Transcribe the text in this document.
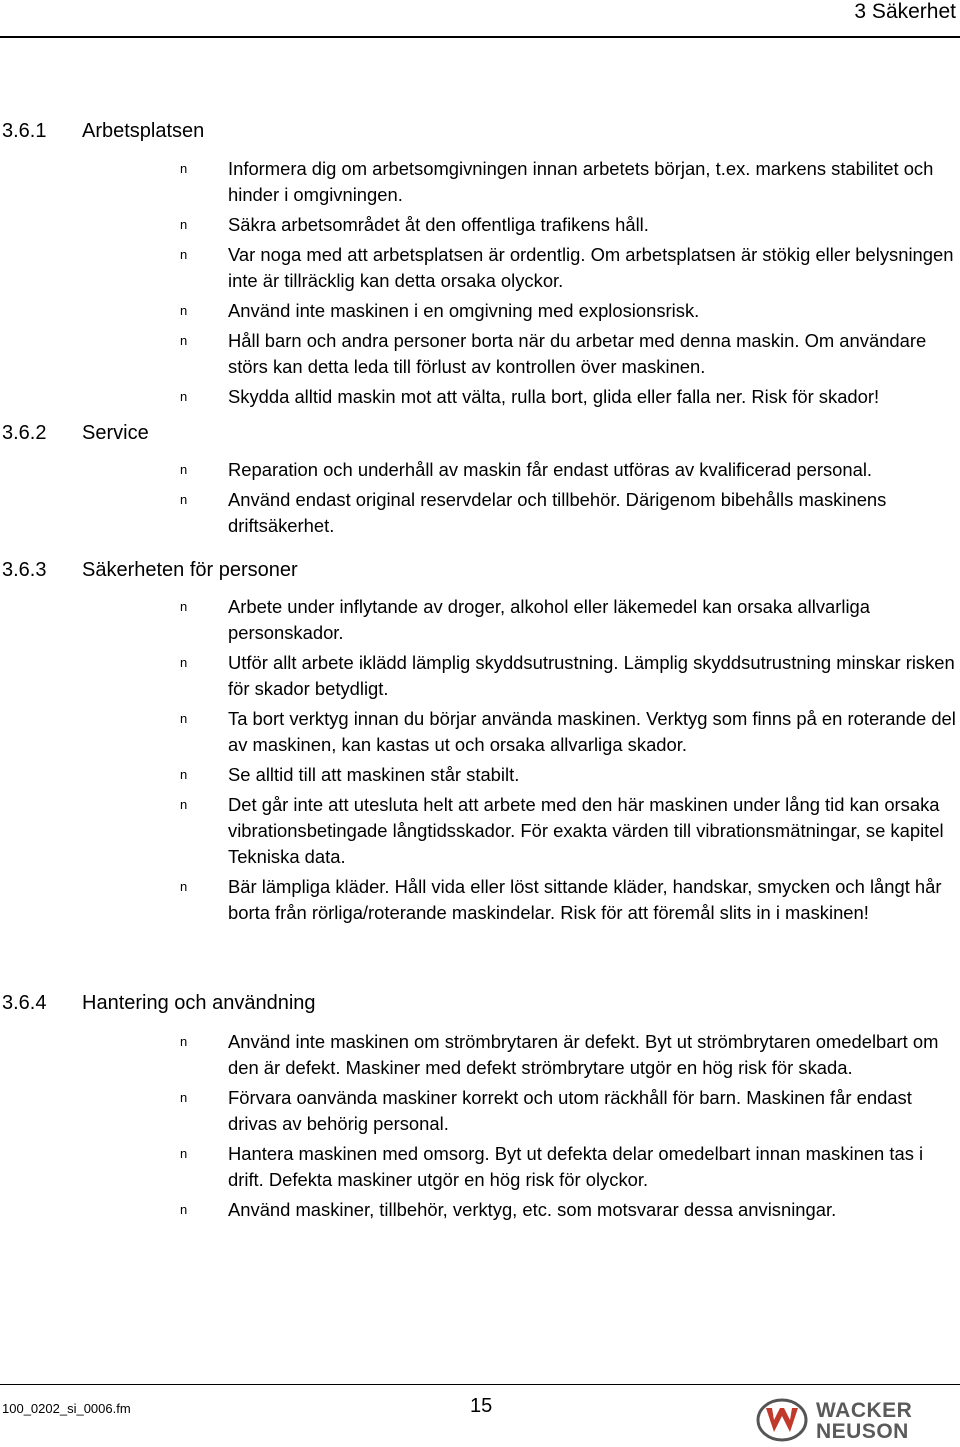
3 Säkerhet
3.6.1 Arbetsplatsen
n	Informera dig om arbetsomgivningen innan arbetets början, t.ex. markens stabilitet och hinder i omgivningen.
n	Säkra arbetsområdet åt den offentliga trafikens håll.
n	Var noga med att arbetsplatsen är ordentlig. Om arbetsplatsen är stökig eller belysningen inte är tillräcklig kan detta orsaka olyckor.
n	Använd inte maskinen i en omgivning med explosionsrisk.
n	Håll barn och andra personer borta när du arbetar med denna maskin. Om användare störs kan detta leda till förlust av kontrollen över maskinen.
n	Skydda alltid maskin mot att välta, rulla bort, glida eller falla ner. Risk för skador!
3.6.2 Service
n	Reparation och underhåll av maskin får endast utföras av kvalificerad personal.
n	Använd endast original reservdelar och tillbehör. Därigenom bibehålls maskinens driftsäkerhet.
3.6.3 Säkerheten för personer
n	Arbete under inflytande av droger, alkohol eller läkemedel kan orsaka allvarliga personskador.
n	Utför allt arbete iklädd lämplig skyddsutrustning. Lämplig skyddsutrustning minskar risken för skador betydligt.
n	Ta bort verktyg innan du börjar använda maskinen. Verktyg som finns på en roterande del av maskinen, kan kastas ut och orsaka allvarliga skador.
n	Se alltid till att maskinen står stabilt.
n	Det går inte att utesluta helt att arbete med den här maskinen under lång tid kan orsaka vibrationsbetingade långtidsskador. För exakta värden till vibrationsmätningar, se kapitel Tekniska data.
n	Bär lämpliga kläder. Håll vida eller löst sittande kläder, handskar, smycken och långt hår borta från rörliga/roterande maskindelar. Risk för att föremål slits in i maskinen!
3.6.4 Hantering och användning
n	Använd inte maskinen om strömbrytaren är defekt. Byt ut strömbrytaren omedelbart om den är defekt. Maskiner med defekt strömbrytare utgör en hög risk för skada.
n	Förvara oanvända maskiner korrekt och utom räckhåll för barn. Maskinen får endast drivas av behörig personal.
n	Hantera maskinen med omsorg. Byt ut defekta delar omedelbart innan maskinen tas i drift. Defekta maskiner utgör en hög risk för olyckor.
n	Använd maskiner, tillbehör, verktyg, etc. som motsvarar dessa anvisningar.
100_0202_si_0006.fm	15	WACKER
NEUSON
